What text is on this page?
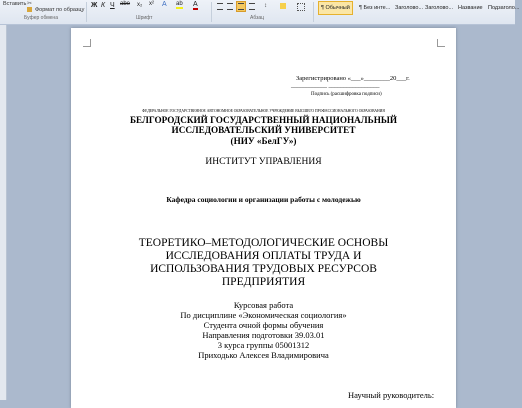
Вставить ✂
Формат по образцу
Буфер обмена
Ж К Ч abe x₂ x² A ab A
Шрифт
↕
Абзац
¶ Обычный	¶ Без инте... Заголово... Заголово... Название Подзаголо...
Зарегистрировано «___»________20___г.
____________ _________________
Подпись (расшифровка подписи)
ФЕДЕРАЛЬНОЕ ГОСУДАРСТВЕННОЕ АВТОНОМНОЕ ОБРАЗОВАТЕЛЬНОЕ УЧРЕЖДЕНИЕ ВЫСШЕГО ПРОФЕССИОНАЛЬНОГО ОБРАЗОВАНИЯ
БЕЛГОРОДСКИЙ ГОСУДАРСТВЕННЫЙ НАЦИОНАЛЬНЫЙ
ИССЛЕДОВАТЕЛЬСКИЙ УНИВЕРСИТЕТ
(НИУ «БелГУ»)
ИНСТИТУТ УПРАВЛЕНИЯ
Кафедра социологии и организации работы с молодежью
ТЕОРЕТИКО–МЕТОДОЛОГИЧЕСКИЕ ОСНОВЫ
ИССЛЕДОВАНИЯ ОПЛАТЫ ТРУДА И
ИСПОЛЬЗОВАНИЯ ТРУДОВЫХ РЕСУРСОВ
ПРЕДПРИЯТИЯ
Курсовая работа
По дисциплине «Экономическая социология»
Студента очной формы обучения
Направления подготовки 39.03.01
3 курса группы 05001312
Приходько Алексея Владимировича
Научный руководитель:
